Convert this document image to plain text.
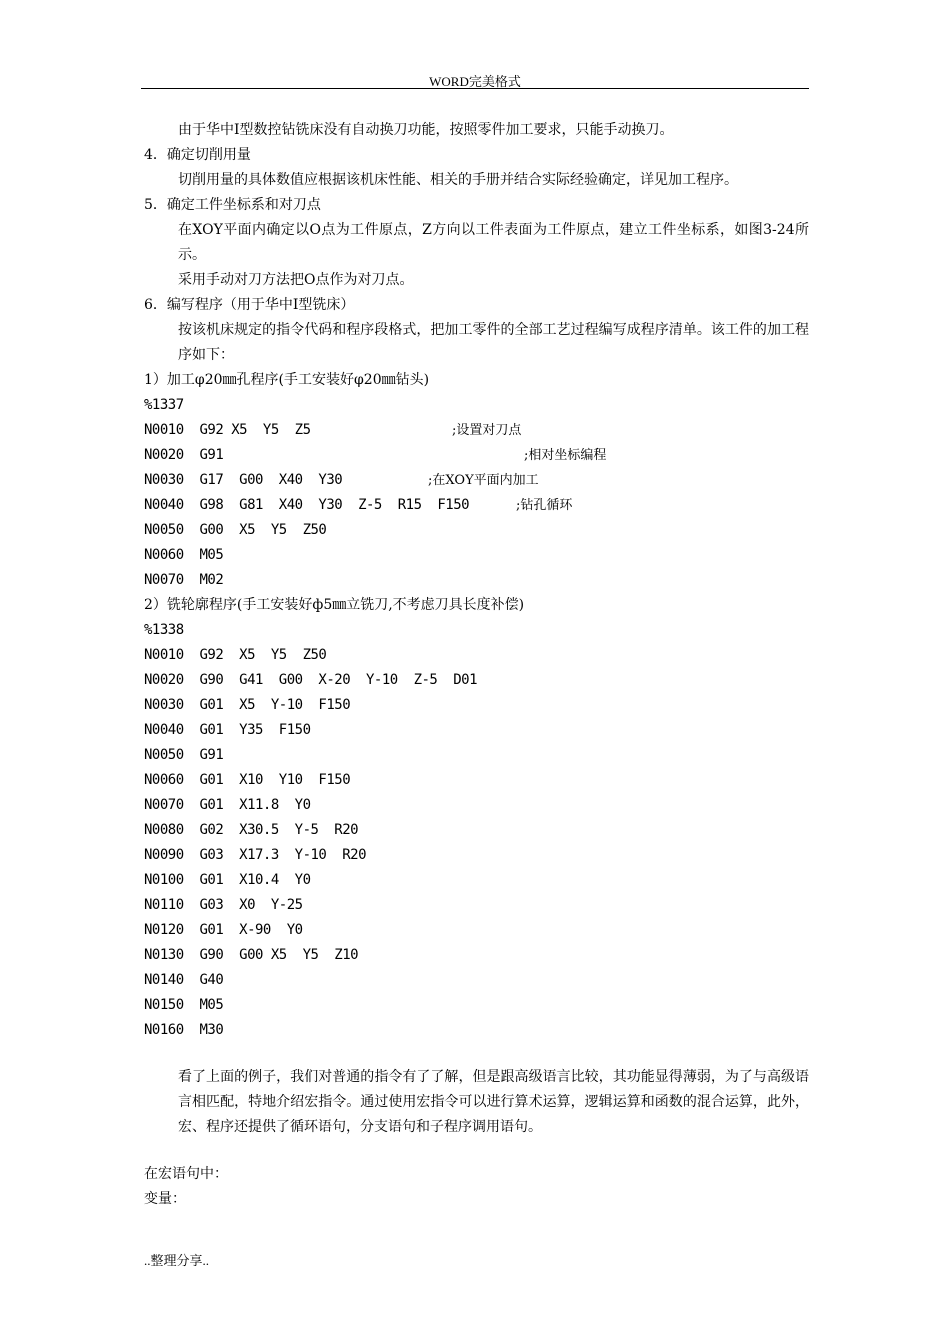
WORD完美格式
由于华中Ⅰ型数控钻铣床没有自动换刀功能，按照零件加工要求，只能手动换刀。
4．确定切削用量
切削用量的具体数值应根据该机床性能、相关的手册并结合实际经验确定，详见加工程序。
5．确定工件坐标系和对刀点
在XOY平面内确定以O点为工件原点，Z方向以工件表面为工件原点，建立工件坐标系，如图3-24所示。
采用手动对刀方法把O点作为对刀点。
6．编写程序（用于华中Ⅰ型铣床）
按该机床规定的指令代码和程序段格式，把加工零件的全部工艺过程编写成程序清单。该工件的加工程序如下：
1）加工φ20㎜孔程序(手工安装好φ20㎜钻头)
%1337
N0010  G92 X5  Y5  Z5	;设置对刀点
N0020  G91	;相对坐标编程
N0030  G17  G00  X40  Y30	;在XOY平面内加工
N0040  G98  G81  X40  Y30  Z-5  R15  F150	;钻孔循环
N0050  G00  X5  Y5  Z50
N0060  M05
N0070  M02
2）铣轮廓程序(手工安装好ф5㎜立铣刀,不考虑刀具长度补偿)
%1338
N0010  G92  X5  Y5  Z50
N0020  G90  G41  G00  X-20  Y-10  Z-5  D01
N0030  G01  X5  Y-10  F150
N0040  G01  Y35  F150
N0050  G91
N0060  G01  X10  Y10  F150
N0070  G01  X11.8  Y0
N0080  G02  X30.5  Y-5  R20
N0090  G03  X17.3  Y-10  R20
N0100  G01  X10.4  Y0
N0110  G03  X0  Y-25
N0120  G01  X-90  Y0
N0130  G90  G00 X5  Y5  Z10
N0140  G40
N0150  M05
N0160  M30
看了上面的例子，我们对普通的指令有了了解，但是跟高级语言比较，其功能显得薄弱，为了与高级语言相匹配，特地介绍宏指令。通过使用宏指令可以进行算术运算，逻辑运算和函数的混合运算，此外，宏、程序还提供了循环语句，分支语句和子程序调用语句。
在宏语句中：
变量：
..整理分享..
